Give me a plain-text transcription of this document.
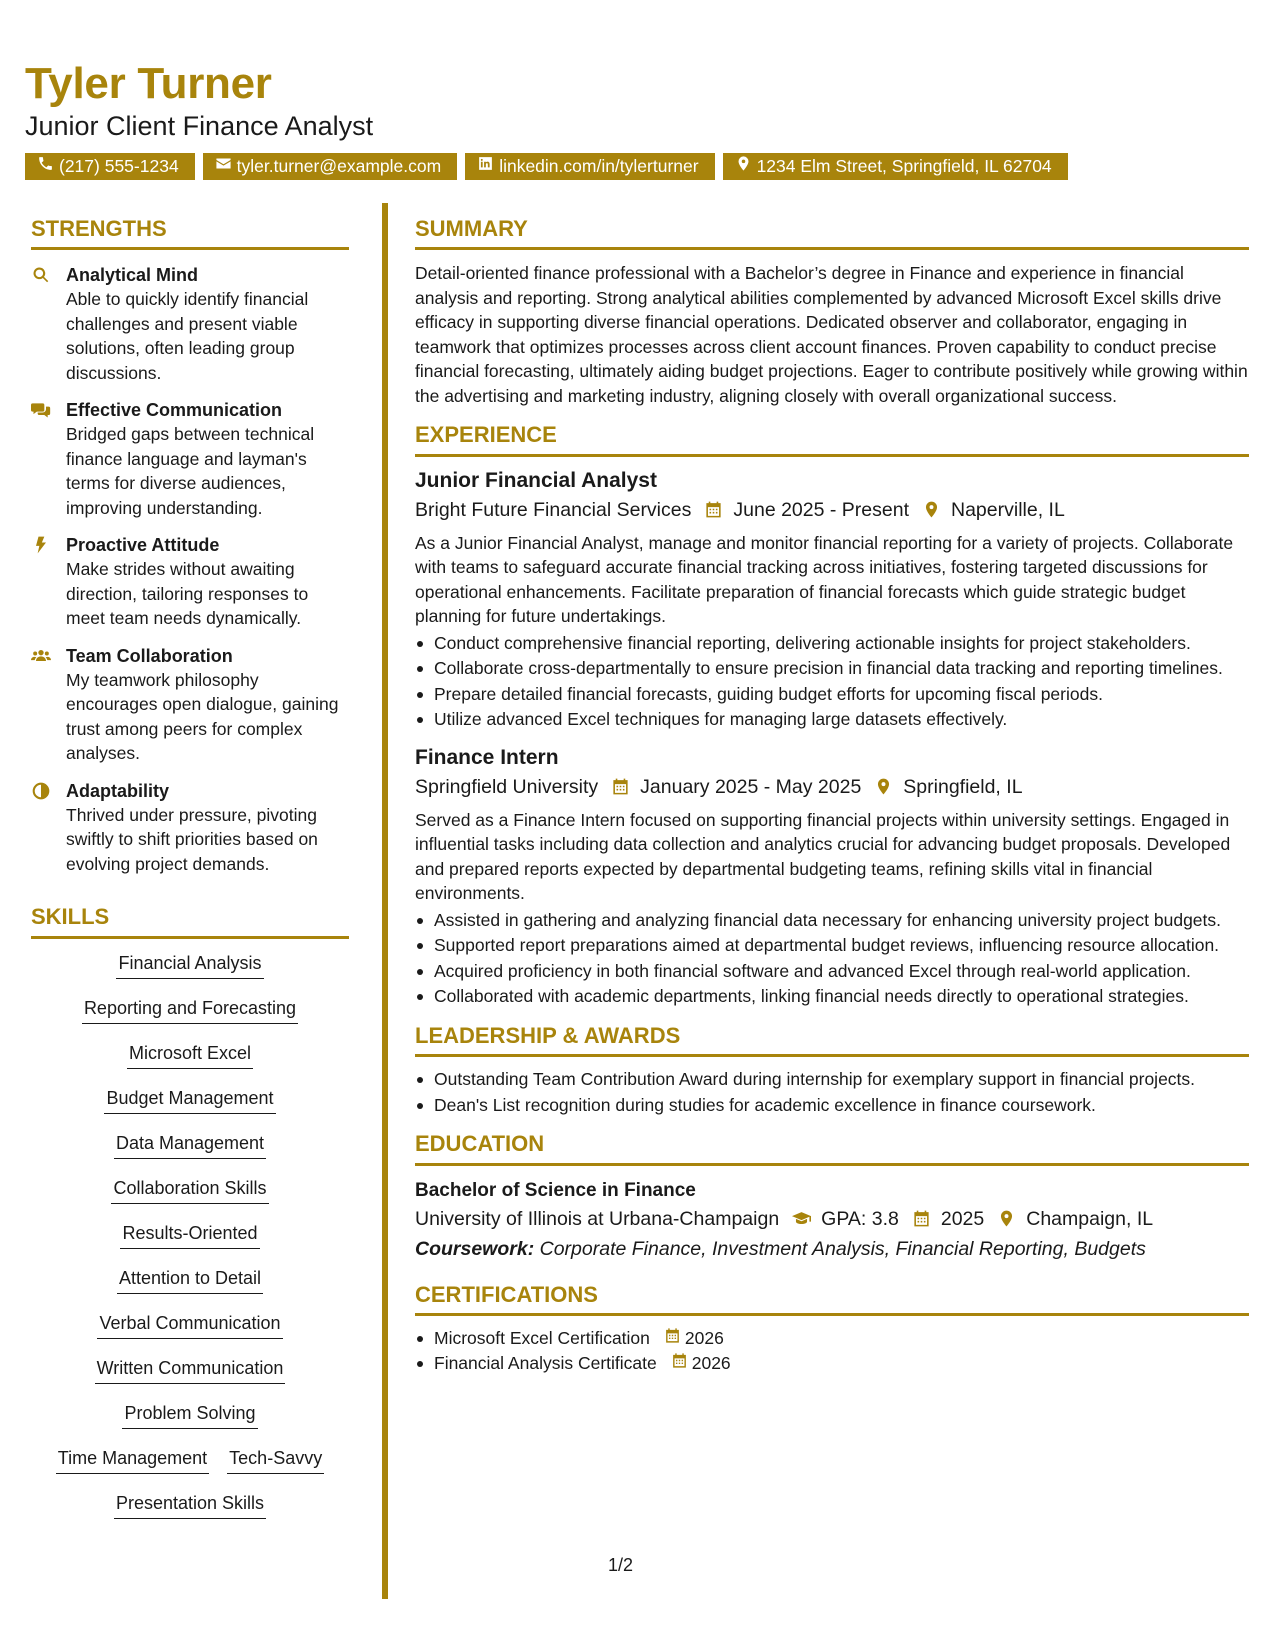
Tyler Turner
Junior Client Finance Analyst
(217) 555-1234	tyler.turner@example.com	linkedin.com/in/tylerturner	1234 Elm Street, Springfield, IL 62704
STRENGTHS
Analytical Mind
Able to quickly identify financial challenges and present viable solutions, often leading group discussions.
Effective Communication
Bridged gaps between technical finance language and layman's terms for diverse audiences, improving understanding.
Proactive Attitude
Make strides without awaiting direction, tailoring responses to meet team needs dynamically.
Team Collaboration
My teamwork philosophy encourages open dialogue, gaining trust among peers for complex analyses.
Adaptability
Thrived under pressure, pivoting swiftly to shift priorities based on evolving project demands.
SKILLS
Financial Analysis
Reporting and Forecasting
Microsoft Excel
Budget Management
Data Management
Collaboration Skills
Results-Oriented
Attention to Detail
Verbal Communication
Written Communication
Problem Solving
Time Management Tech-Savvy
Presentation Skills
SUMMARY
Detail-oriented finance professional with a Bachelor’s degree in Finance and experience in financial analysis and reporting. Strong analytical abilities complemented by advanced Microsoft Excel skills drive efficacy in supporting diverse financial operations. Dedicated observer and collaborator, engaging in teamwork that optimizes processes across client account finances. Proven capability to conduct precise financial forecasting, ultimately aiding budget projections. Eager to contribute positively while growing within the advertising and marketing industry, aligning closely with overall organizational success.
EXPERIENCE
Junior Financial Analyst
Bright Future Financial Services June 2025 - Present Naperville, IL
As a Junior Financial Analyst, manage and monitor financial reporting for a variety of projects. Collaborate with teams to safeguard accurate financial tracking across initiatives, fostering targeted discussions for operational enhancements. Facilitate preparation of financial forecasts which guide strategic budget planning for future undertakings.
Conduct comprehensive financial reporting, delivering actionable insights for project stakeholders.
Collaborate cross-departmentally to ensure precision in financial data tracking and reporting timelines.
Prepare detailed financial forecasts, guiding budget efforts for upcoming fiscal periods.
Utilize advanced Excel techniques for managing large datasets effectively.
Finance Intern
Springfield University January 2025 - May 2025 Springfield, IL
Served as a Finance Intern focused on supporting financial projects within university settings. Engaged in influential tasks including data collection and analytics crucial for advancing budget proposals. Developed and prepared reports expected by departmental budgeting teams, refining skills vital in financial environments.
Assisted in gathering and analyzing financial data necessary for enhancing university project budgets.
Supported report preparations aimed at departmental budget reviews, influencing resource allocation.
Acquired proficiency in both financial software and advanced Excel through real-world application.
Collaborated with academic departments, linking financial needs directly to operational strategies.
LEADERSHIP & AWARDS
Outstanding Team Contribution Award during internship for exemplary support in financial projects.
Dean's List recognition during studies for academic excellence in finance coursework.
EDUCATION
Bachelor of Science in Finance
University of Illinois at Urbana-Champaign GPA: 3.8 2025 Champaign, IL
Coursework: Corporate Finance, Investment Analysis, Financial Reporting, Budgets
CERTIFICATIONS
Microsoft Excel Certification 2026
Financial Analysis Certificate 2026
1/2
